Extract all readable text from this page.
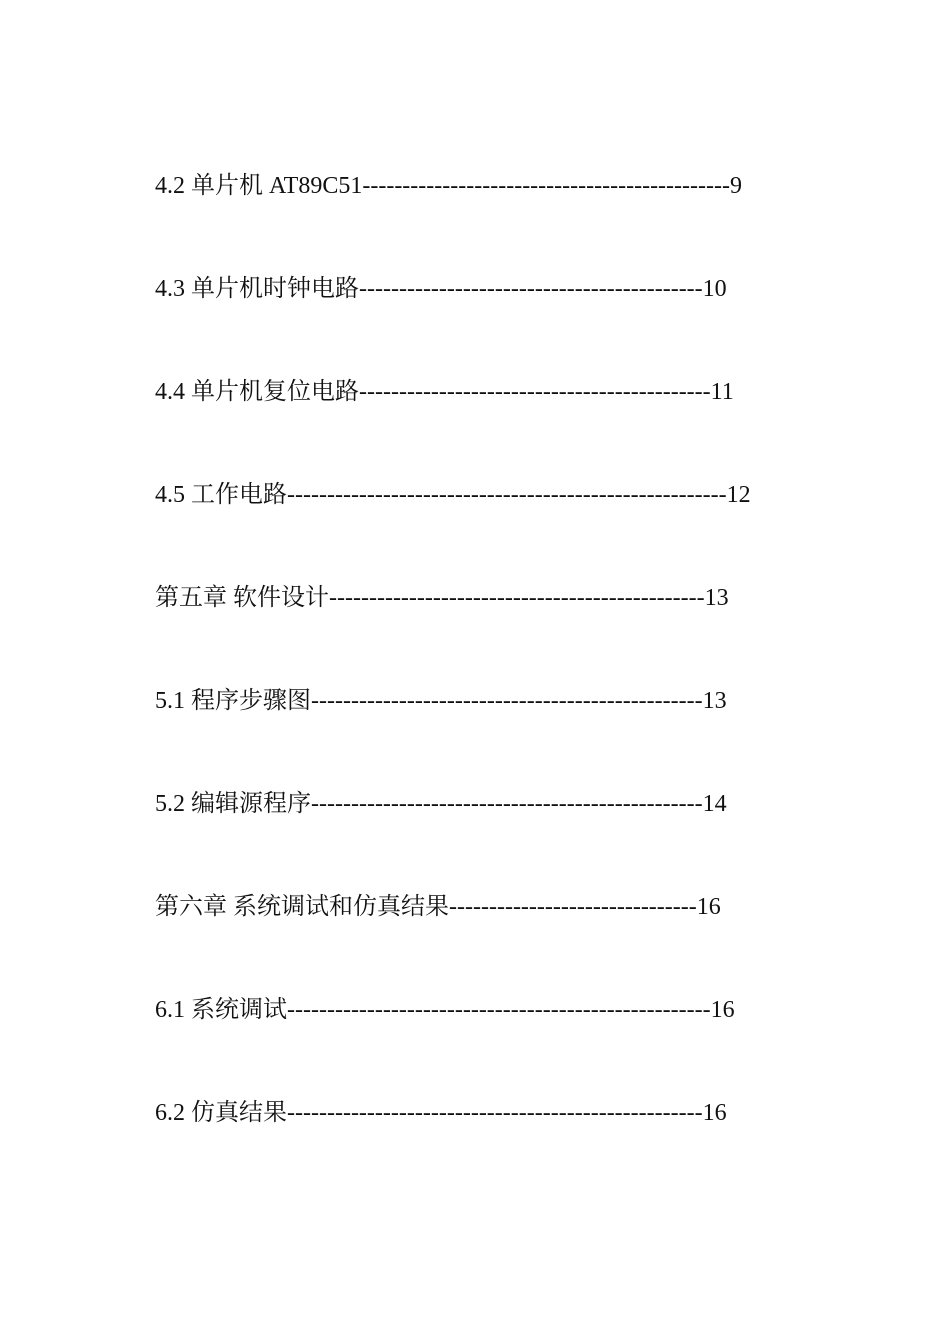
4.2 单片机 AT89C51----------------------------------------------9
4.3 单片机时钟电路-------------------------------------------10
4.4 单片机复位电路--------------------------------------------11
4.5 工作电路-------------------------------------------------------12
第五章 软件设计-----------------------------------------------13
5.1 程序步骤图-------------------------------------------------13
5.2 编辑源程序-------------------------------------------------14
第六章 系统调试和仿真结果-------------------------------16
6.1 系统调试-----------------------------------------------------16
6.2 仿真结果----------------------------------------------------16
